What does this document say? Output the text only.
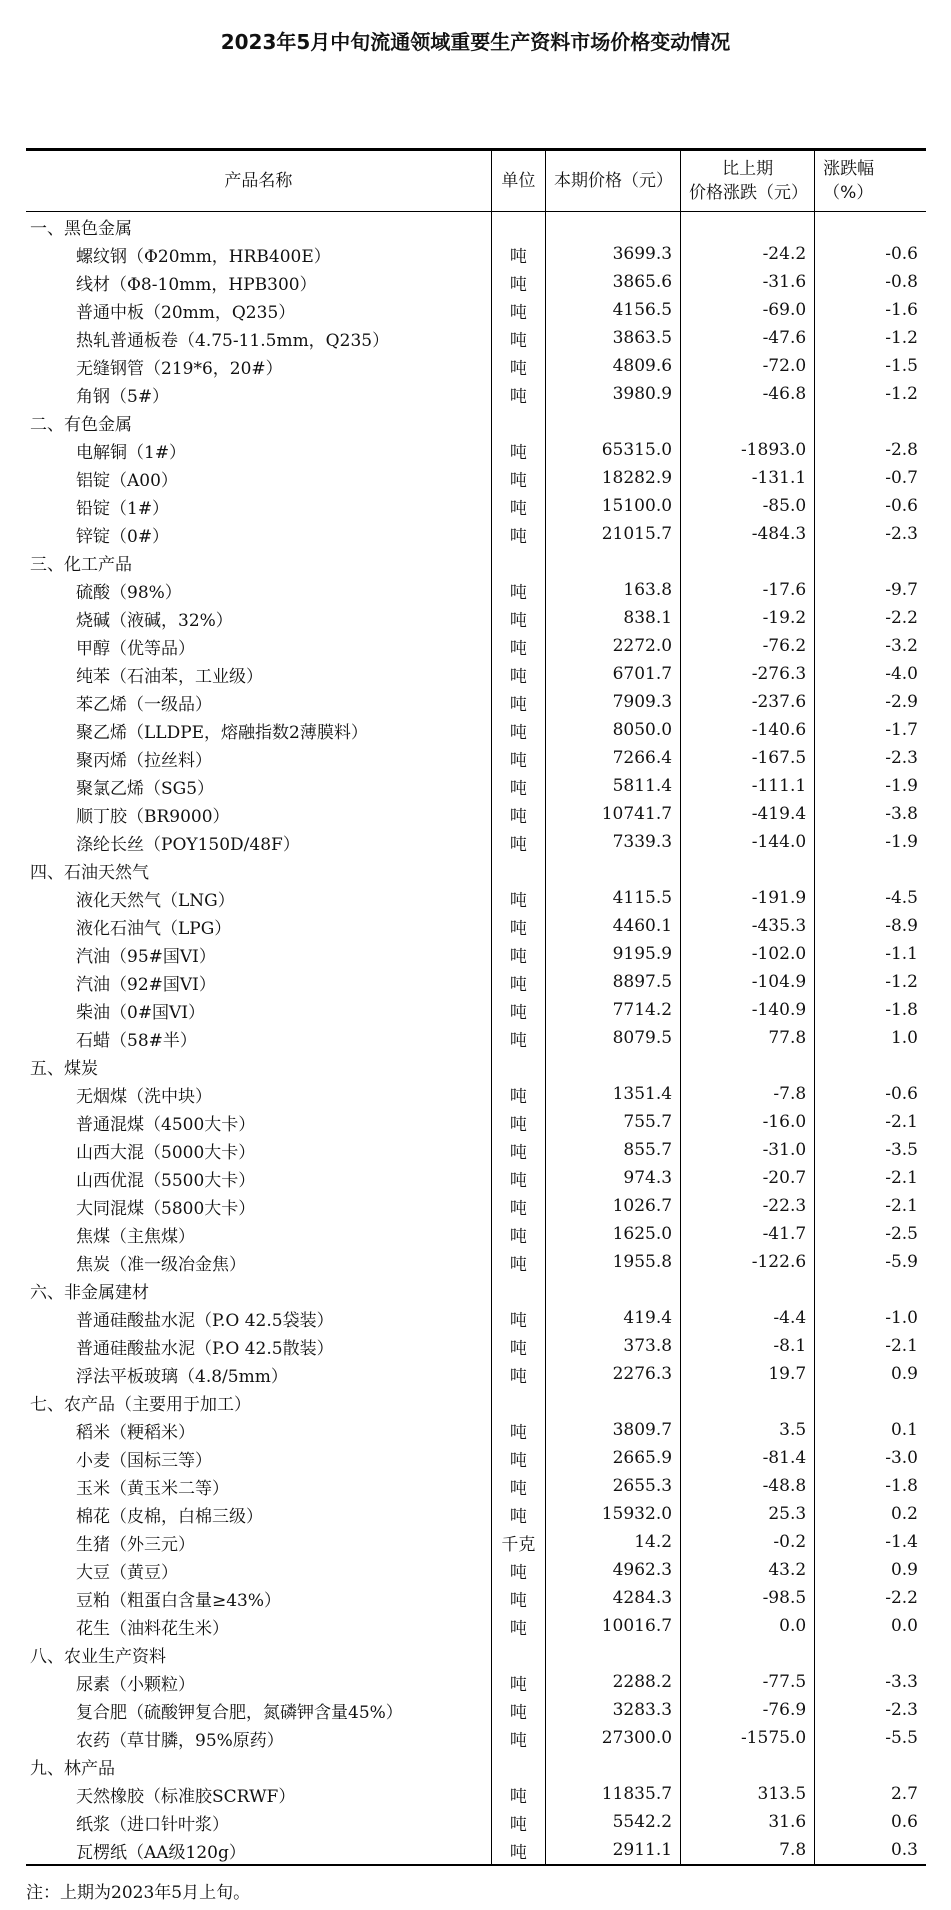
2023年5月中旬流通领域重要生产资料市场价格变动情况
产品名称	单位	本期价格（元）	比上期
价格涨跌（元）	涨跌幅 （%）
一、黑色金属				
螺纹钢（Φ20mm，HRB400E）	吨	3699.3	-24.2	-0.6
线材（Φ8-10mm，HPB300）	吨	3865.6	-31.6	-0.8
普通中板（20mm，Q235）	吨	4156.5	-69.0	-1.6
热轧普通板卷（4.75-11.5mm，Q235）	吨	3863.5	-47.6	-1.2
无缝钢管（219*6，20#）	吨	4809.6	-72.0	-1.5
角钢（5#）	吨	3980.9	-46.8	-1.2
二、有色金属				
电解铜（1#）	吨	65315.0	-1893.0	-2.8
铝锭（A00）	吨	18282.9	-131.1	-0.7
铅锭（1#）	吨	15100.0	-85.0	-0.6
锌锭（0#）	吨	21015.7	-484.3	-2.3
三、化工产品				
硫酸（98%）	吨	163.8	-17.6	-9.7
烧碱（液碱，32%）	吨	838.1	-19.2	-2.2
甲醇（优等品）	吨	2272.0	-76.2	-3.2
纯苯（石油苯，工业级）	吨	6701.7	-276.3	-4.0
苯乙烯（一级品）	吨	7909.3	-237.6	-2.9
聚乙烯（LLDPE，熔融指数2薄膜料）	吨	8050.0	-140.6	-1.7
聚丙烯（拉丝料）	吨	7266.4	-167.5	-2.3
聚氯乙烯（SG5）	吨	5811.4	-111.1	-1.9
顺丁胶（BR9000）	吨	10741.7	-419.4	-3.8
涤纶长丝（POY150D/48F）	吨	7339.3	-144.0	-1.9
四、石油天然气				
液化天然气（LNG）	吨	4115.5	-191.9	-4.5
液化石油气（LPG）	吨	4460.1	-435.3	-8.9
汽油（95#国VI）	吨	9195.9	-102.0	-1.1
汽油（92#国VI）	吨	8897.5	-104.9	-1.2
柴油（0#国VI）	吨	7714.2	-140.9	-1.8
石蜡（58#半）	吨	8079.5	77.8	1.0
五、煤炭				
无烟煤（洗中块）	吨	1351.4	-7.8	-0.6
普通混煤（4500大卡）	吨	755.7	-16.0	-2.1
山西大混（5000大卡）	吨	855.7	-31.0	-3.5
山西优混（5500大卡）	吨	974.3	-20.7	-2.1
大同混煤（5800大卡）	吨	1026.7	-22.3	-2.1
焦煤（主焦煤）	吨	1625.0	-41.7	-2.5
焦炭（准一级冶金焦）	吨	1955.8	-122.6	-5.9
六、非金属建材				
普通硅酸盐水泥（P.O 42.5袋装）	吨	419.4	-4.4	-1.0
普通硅酸盐水泥（P.O 42.5散装）	吨	373.8	-8.1	-2.1
浮法平板玻璃（4.8/5mm）	吨	2276.3	19.7	0.9
七、农产品（主要用于加工）				
稻米（粳稻米）	吨	3809.7	3.5	0.1
小麦（国标三等）	吨	2665.9	-81.4	-3.0
玉米（黄玉米二等）	吨	2655.3	-48.8	-1.8
棉花（皮棉，白棉三级）	吨	15932.0	25.3	0.2
生猪（外三元）	千克	14.2	-0.2	-1.4
大豆（黄豆）	吨	4962.3	43.2	0.9
豆粕（粗蛋白含量≥43%）	吨	4284.3	-98.5	-2.2
花生（油料花生米）	吨	10016.7	0.0	0.0
八、农业生产资料				
尿素（小颗粒）	吨	2288.2	-77.5	-3.3
复合肥（硫酸钾复合肥，氮磷钾含量45%）	吨	3283.3	-76.9	-2.3
农药（草甘膦，95%原药）	吨	27300.0	-1575.0	-5.5
九、林产品				
天然橡胶（标准胶SCRWF）	吨	11835.7	313.5	2.7
纸浆（进口针叶浆）	吨	5542.2	31.6	0.6
瓦楞纸（AA级120g）	吨	2911.1	7.8	0.3
注：上期为2023年5月上旬。
